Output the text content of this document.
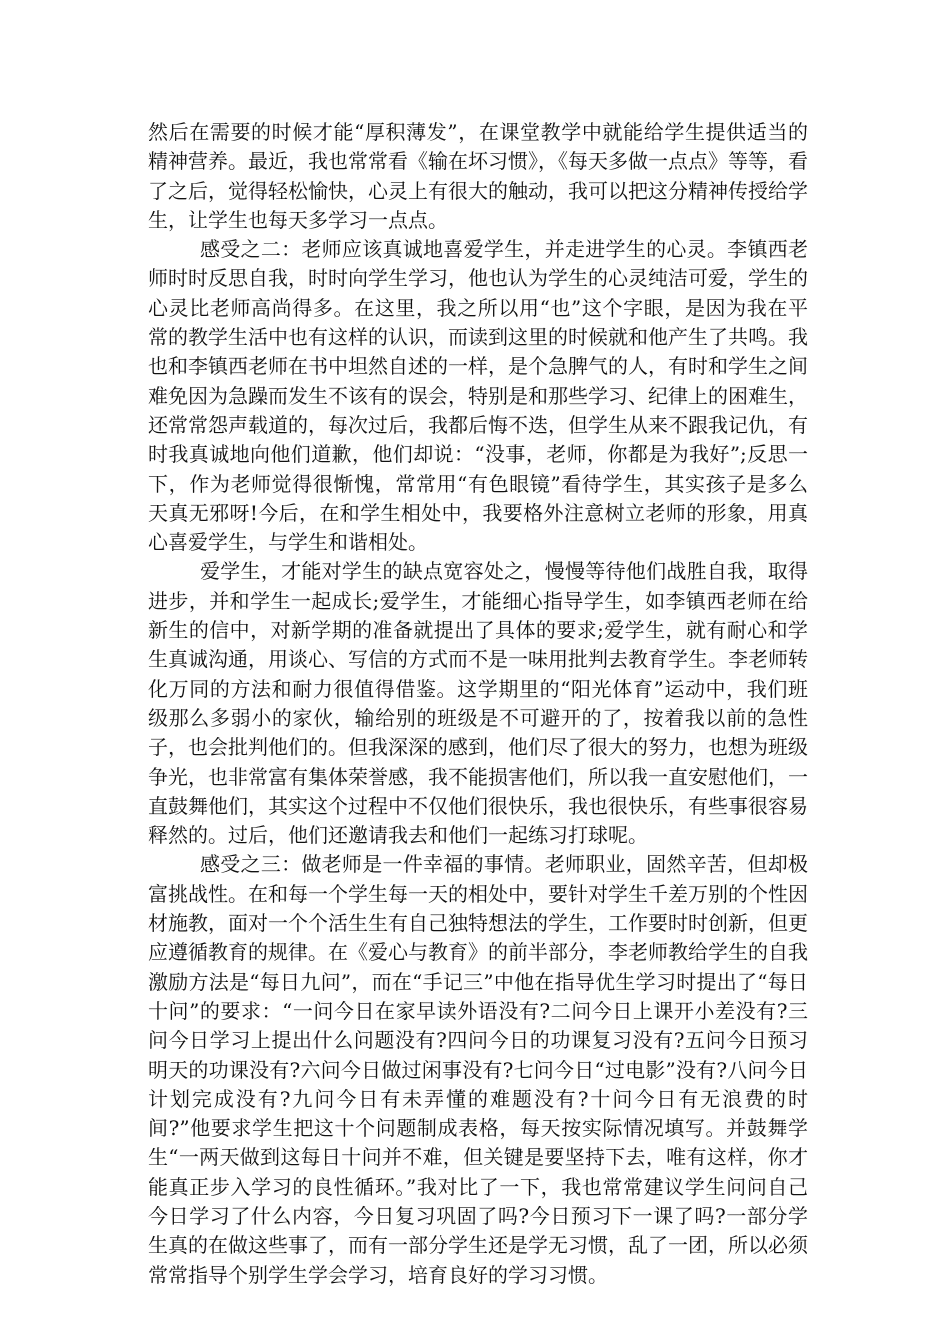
然后在需要的时候才能“厚积薄发”，在课堂教学中就能给学生提供适当的精神营养。最近，我也常常看《输在坏习惯》，《每天多做一点点》等等，看了之后，觉得轻松愉快，心灵上有很大的触动，我可以把这分精神传授给学生，让学生也每天多学习一点点。

感受之二：老师应该真诚地喜爱学生，并走进学生的心灵。李镇西老师时时反思自我，时时向学生学习，他也认为学生的心灵纯洁可爱，学生的心灵比老师高尚得多。在这里，我之所以用“也”这个字眼，是因为我在平常的教学生活中也有这样的认识，而读到这里的时候就和他产生了共鸣。我也和李镇西老师在书中坦然自述的一样，是个急脾气的人，有时和学生之间难免因为急躁而发生不该有的误会，特别是和那些学习、纪律上的困难生，还常常怨声载道的，每次过后，我都后悔不迭，但学生从来不跟我记仇，有时我真诚地向他们道歉，他们却说：“没事，老师，你都是为我好”;反思一下，作为老师觉得很惭愧，常常用“有色眼镜”看待学生，其实孩子是多么天真无邪呀!今后，在和学生相处中，我要格外注意树立老师的形象，用真心喜爱学生，与学生和谐相处。

爱学生，才能对学生的缺点宽容处之，慢慢等待他们战胜自我，取得进步，并和学生一起成长;爱学生，才能细心指导学生，如李镇西老师在给新生的信中，对新学期的准备就提出了具体的要求;爱学生，就有耐心和学生真诚沟通，用谈心、写信的方式而不是一味用批判去教育学生。李老师转化万同的方法和耐力很值得借鉴。这学期里的“阳光体育”运动中，我们班级那么多弱小的家伙，输给别的班级是不可避开的了，按着我以前的急性子，也会批判他们的。但我深深的感到，他们尽了很大的努力，也想为班级争光，也非常富有集体荣誉感，我不能损害他们，所以我一直安慰他们，一直鼓舞他们，其实这个过程中不仅他们很快乐，我也很快乐，有些事很容易释然的。过后，他们还邀请我去和他们一起练习打球呢。

感受之三：做老师是一件幸福的事情。老师职业，固然辛苦，但却极富挑战性。在和每一个学生每一天的相处中，要针对学生千差万别的个性因材施教，面对一个个活生生有自己独特想法的学生，工作要时时创新，但更应遵循教育的规律。在《爱心与教育》的前半部分，李老师教给学生的自我激励方法是“每日九问”，而在“手记三”中他在指导优生学习时提出了“每日十问”的要求：“一问今日在家早读外语没有?二问今日上课开小差没有?三问今日学习上提出什么问题没有?四问今日的功课复习没有?五问今日预习明天的功课没有?六问今日做过闲事没有?七问今日“过电影”没有?八问今日计划完成没有?九问今日有未弄懂的难题没有?十问今日有无浪费的时间?”他要求学生把这十个问题制成表格，每天按实际情况填写。并鼓舞学生“一两天做到这每日十问并不难，但关键是要坚持下去，唯有这样，你才能真正步入学习的良性循环。”我对比了一下，我也常常建议学生问问自己今日学习了什么内容，今日复习巩固了吗?今日预习下一课了吗?一部分学生真的在做这些事了，而有一部分学生还是学无习惯，乱了一团，所以必须常常指导个别学生学会学习，培育良好的学习习惯。
